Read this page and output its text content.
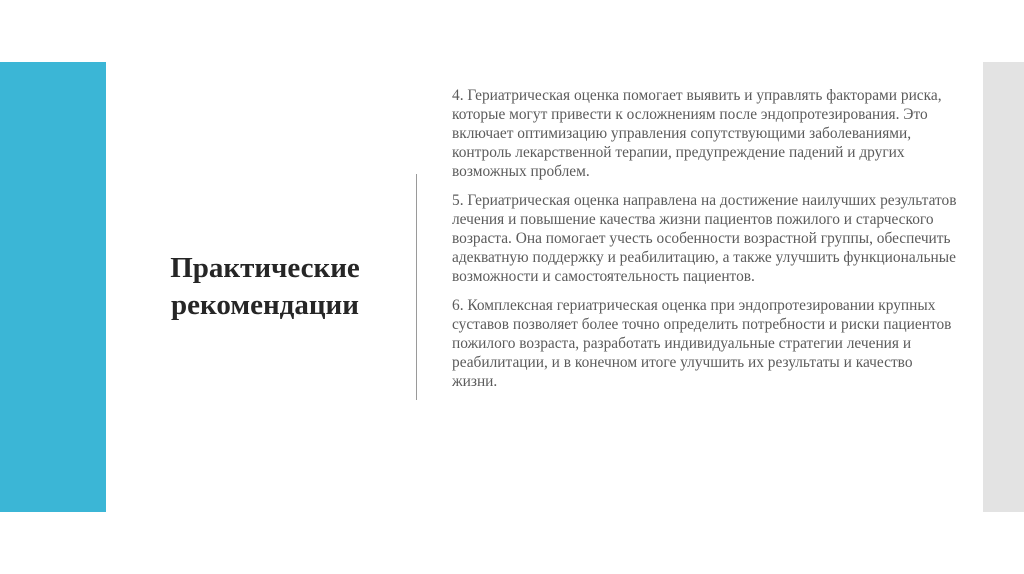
Практические
рекомендации

4. Гериатрическая оценка помогает выявить и управлять факторами риска, которые могут привести к осложнениям после эндопротезирования. Это включает оптимизацию управления сопутствующими заболеваниями, контроль лекарственной терапии, предупреждение падений и других возможных проблем.

5. Гериатрическая оценка направлена на достижение наилучших результатов лечения и повышение качества жизни пациентов пожилого и старческого возраста. Она помогает учесть особенности возрастной группы, обеспечить адекватную поддержку и реабилитацию, а также улучшить функциональные возможности и самостоятельность пациентов.

6. Комплексная гериатрическая оценка при эндопротезировании крупных суставов позволяет более точно определить потребности и риски пациентов пожилого возраста, разработать индивидуальные стратегии лечения и реабилитации, и в конечном итоге улучшить их результаты и качество жизни.
